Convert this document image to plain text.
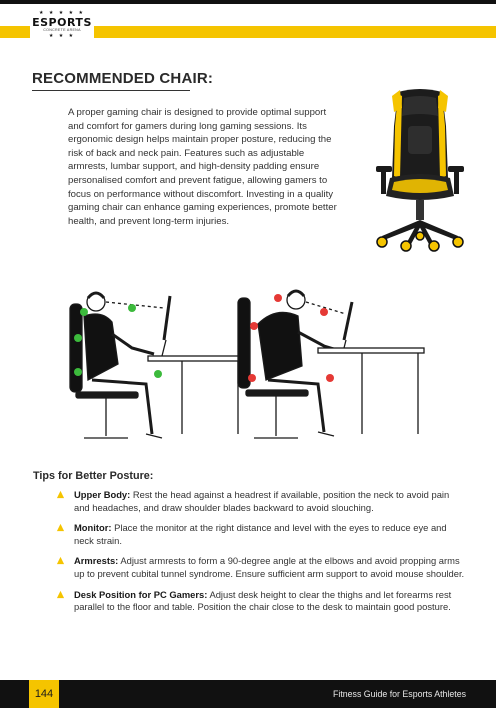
★ ★ ★ ★ ★
ESPORTS
CONCRETE ARENA
★ ★ ★
RECOMMENDED CHAIR:

A proper gaming chair is designed to provide optimal support and comfort for gamers during long gaming sessions. Its ergonomic design helps maintain proper posture, reducing the risk of back and neck pain. Features such as adjustable armrests, lumbar support, and high-density padding ensure personalised comfort and prevent fatigue, allowing gamers to focus on performance without discomfort. Investing in a quality gaming chair can enhance gaming experiences, promote better health, and prevent long-term injuries.

Tips for Better Posture:
Upper Body: Rest the head against a headrest if available, position the neck to avoid pain and headaches, and draw shoulder blades backward to avoid slouching.
Monitor: Place the monitor at the right distance and level with the eyes to reduce eye and neck strain.
Armrests: Adjust armrests to form a 90-degree angle at the elbows and avoid propping arms up to prevent cubital tunnel syndrome. Ensure sufficient arm support to avoid mouse shoulder.
Desk Position for PC Gamers: Adjust desk height to clear the thighs and let forearms rest parallel to the floor and table. Position the chair close to the desk to maintain good posture.
144	Fitness Guide for Esports Athletes
